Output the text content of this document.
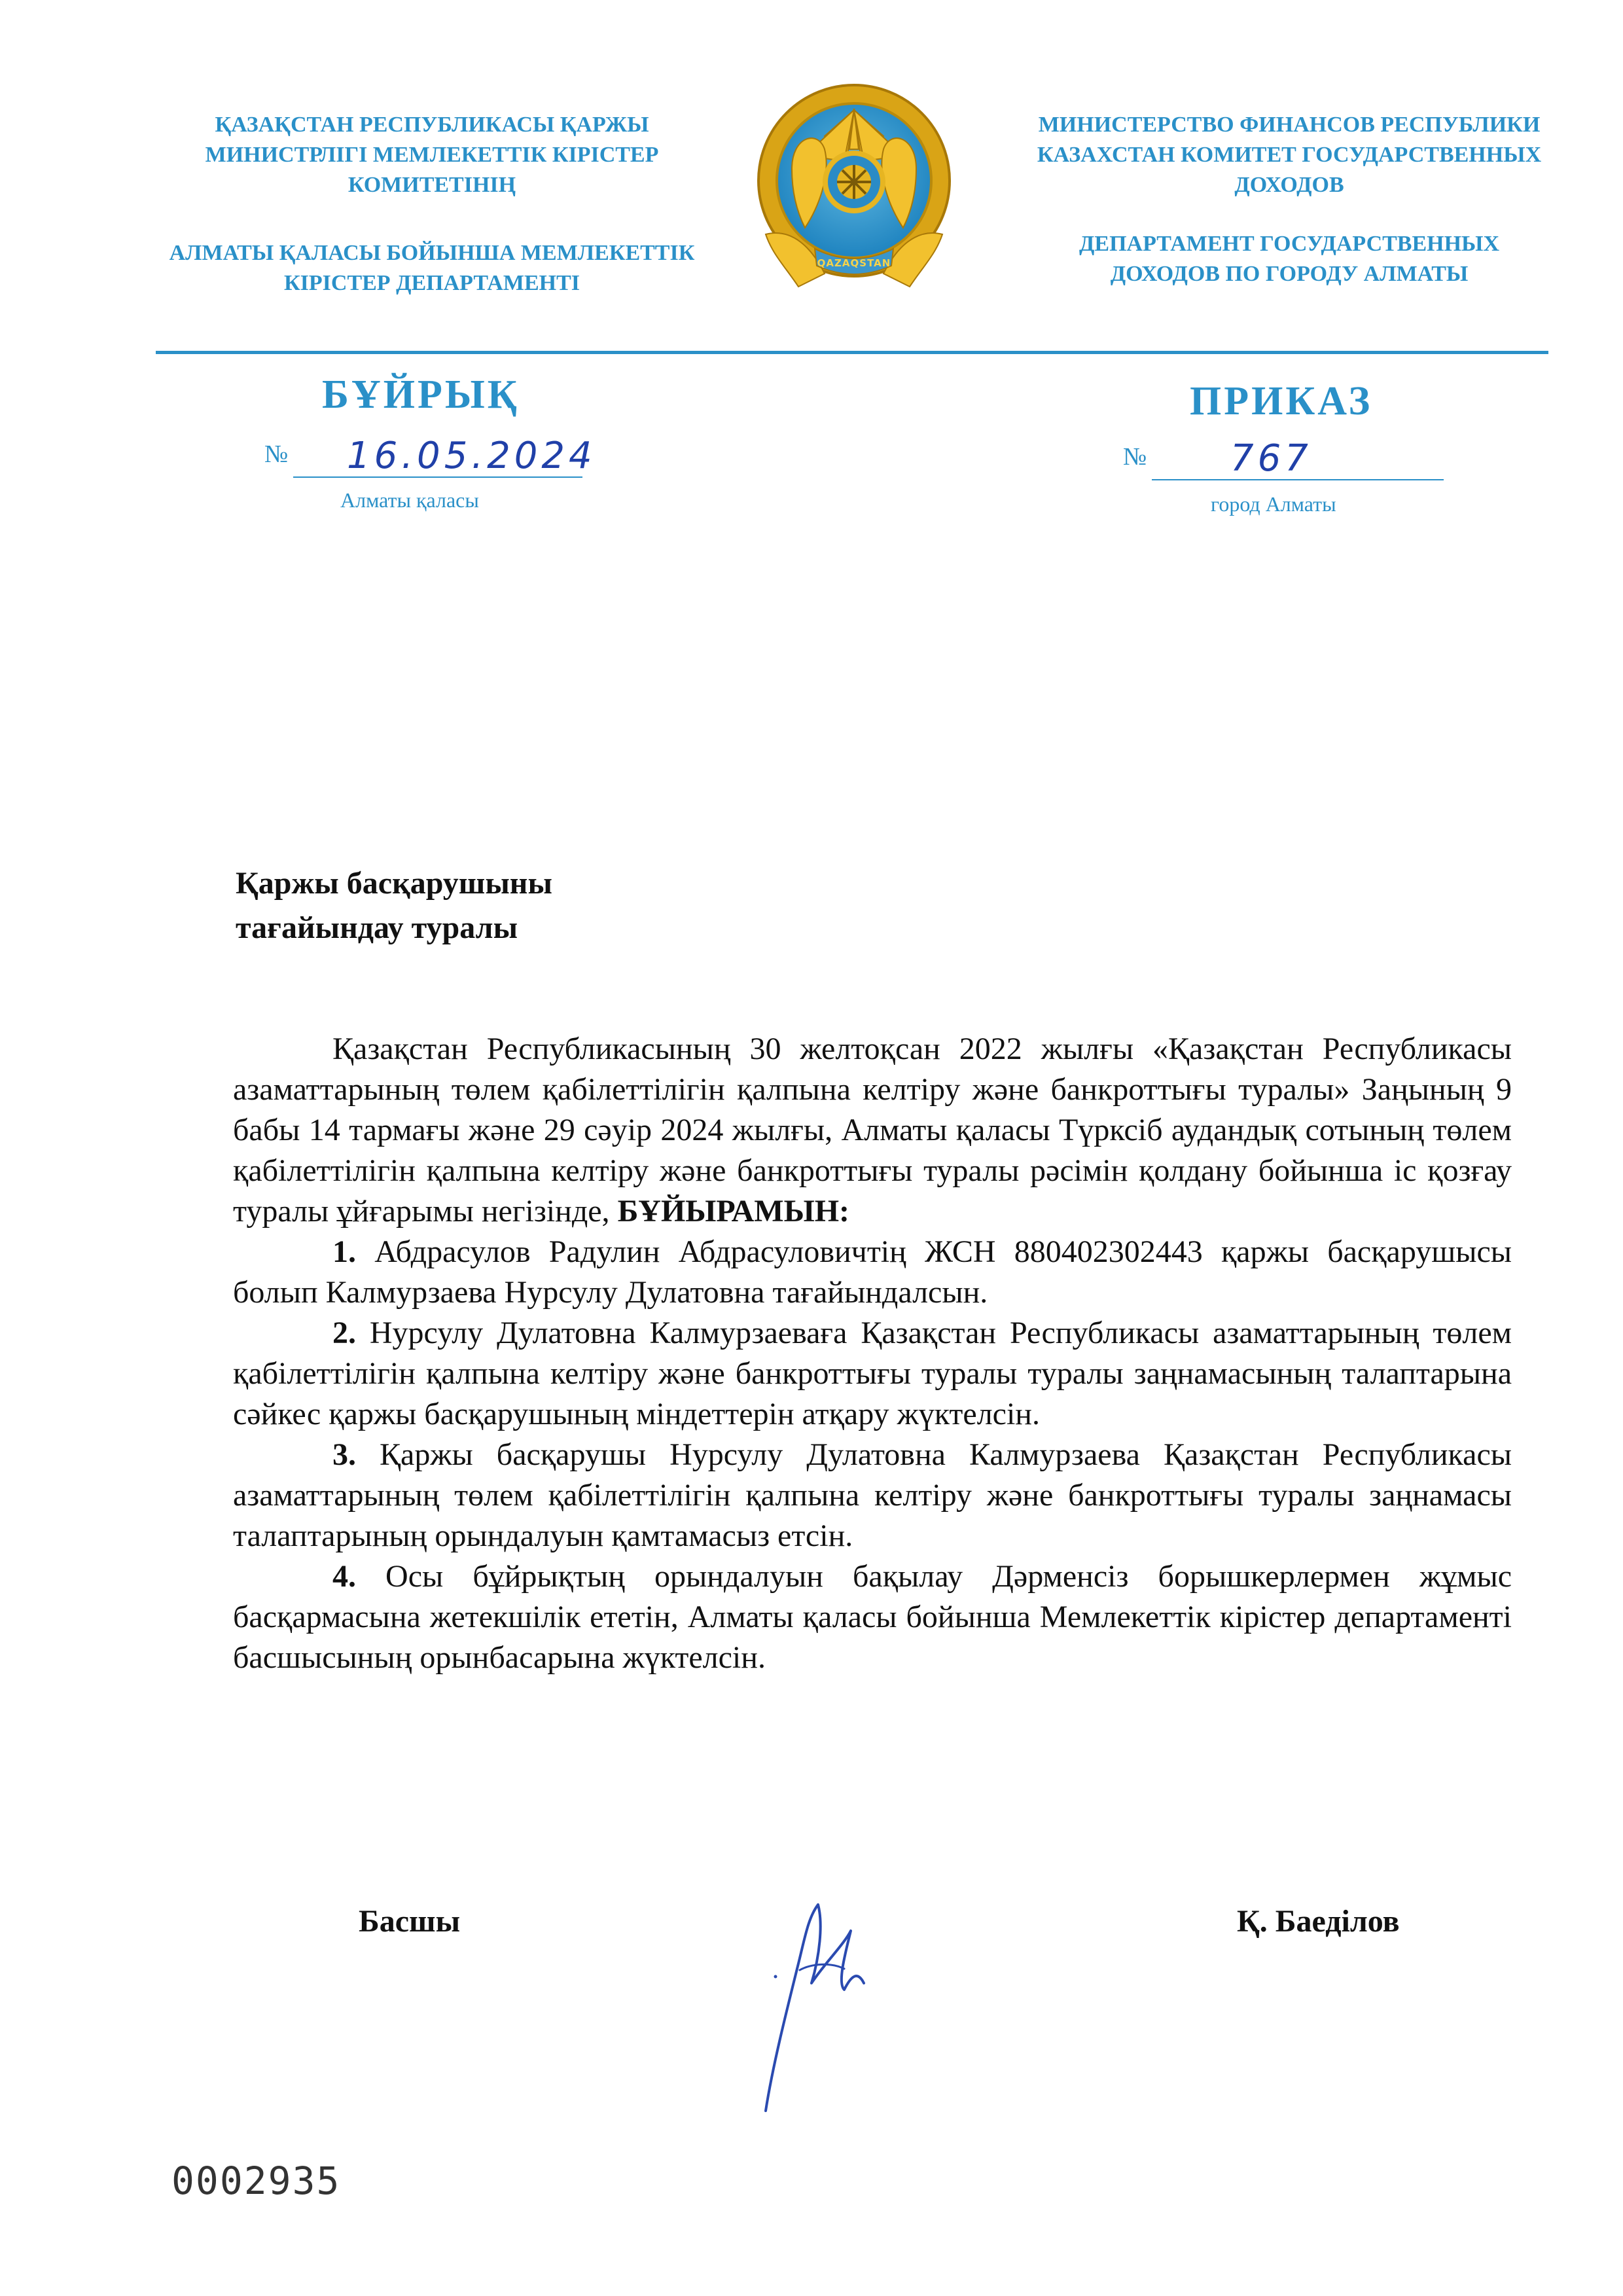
ҚАЗАҚСТАН РЕСПУБЛИКАСЫ ҚАРЖЫ МИНИСТРЛІГІ МЕМЛЕКЕТТІК КІРІСТЕР КОМИТЕТІНІҢ
АЛМАТЫ ҚАЛАСЫ БОЙЫНША МЕМЛЕКЕТТІК КІРІСТЕР ДЕПАРТАМЕНТІ
QAZAQSTAN
МИНИСТЕРСТВО ФИНАНСОВ РЕСПУБЛИКИ КАЗАХСТАН КОМИТЕТ ГОСУДАРСТВЕННЫХ ДОХОДОВ
ДЕПАРТАМЕНТ ГОСУДАРСТВЕННЫХ ДОХОДОВ ПО ГОРОДУ АЛМАТЫ
БҰЙРЫҚ	ПРИКАЗ
№ 16.05.2024
Алматы қаласы
№ 767
город Алматы
Қаржы басқарушыны
тағайындау туралы

Қазақстан Республикасының 30 желтоқсан 2022 жылғы «Қазақстан Республикасы азаматтарының төлем қабілеттілігін қалпына келтіру және банкроттығы туралы» Заңының 9 бабы 14 тармағы және 29 сәуір 2024 жылғы, Алматы қаласы Түрксіб аудандық сотының төлем қабілеттілігін қалпына келтіру және банкроттығы туралы рәсімін қолдану бойынша іс қозғау туралы ұйғарымы негізінде, БҰЙЫРАМЫН:

1. Абдрасулов Радулин Абдрасуловичтің ЖСН 880402302443 қаржы басқарушысы болып Калмурзаева Нурсулу Дулатовна тағайындалсын.

2. Нурсулу Дулатовна Калмурзаеваға Қазақстан Республикасы азаматтарының төлем қабілеттілігін қалпына келтіру және банкроттығы туралы туралы заңнамасының талаптарына сәйкес қаржы басқарушының міндеттерін атқару жүктелсін.

3. Қаржы басқарушы Нурсулу Дулатовна Калмурзаева Қазақстан Республикасы азаматтарының төлем қабілеттілігін қалпына келтіру және банкроттығы туралы заңнамасы талаптарының орындалуын қамтамасыз етсін.

4. Осы бұйрықтың орындалуын бақылау Дәрменсіз борышкерлермен жұмыс басқармасына жетекшілік ететін, Алматы қаласы бойынша Мемлекеттік кірістер департаменті басшысының орынбасарына жүктелсін.

Басшы	Қ. Баеділов
0002935
